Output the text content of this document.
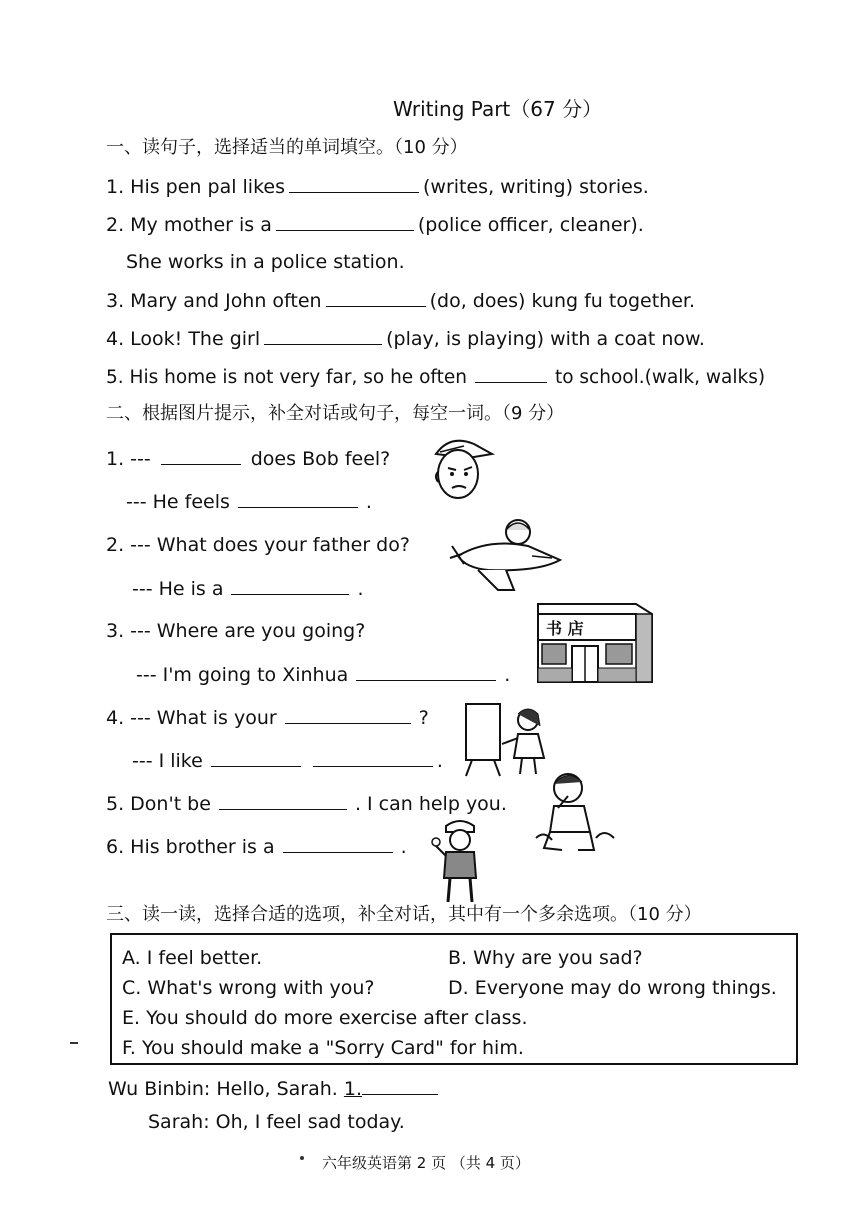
Writing Part（67 分）
一、读句子，选择适当的单词填空。（10 分）
1. His pen pal likes	(writes, writing) stories.
2. My mother is a	(police officer, cleaner).
She works in a police station.
3. Mary and John often	(do, does) kung fu together.
4. Look! The girl	(play, is playing) with a coat now.
5. His home is not very far, so he often	to school.(walk, walks)
二、根据图片提示，补全对话或句子，每空一词。（9 分）
1. ---	does Bob feel?
--- He feels	.
2. --- What does your father do?
--- He is a	.
3. --- Where are you going?
--- I'm going to Xinhua	.
4. --- What is your	?
--- I like	.
5. Don't be	. I can help you.
6. His brother is a	.
书 店
三、读一读，选择合适的选项，补全对话，其中有一个多余选项。（10 分）
A. I feel better.	B. Why are you sad?
C. What's wrong with you?	D. Everyone may do wrong things.
E. You should do more exercise after class.
F. You should make a "Sorry Card" for him.
Wu Binbin: Hello, Sarah. 1.
Sarah: Oh, I feel sad today.
六年级英语第 2 页 （共 4 页）
